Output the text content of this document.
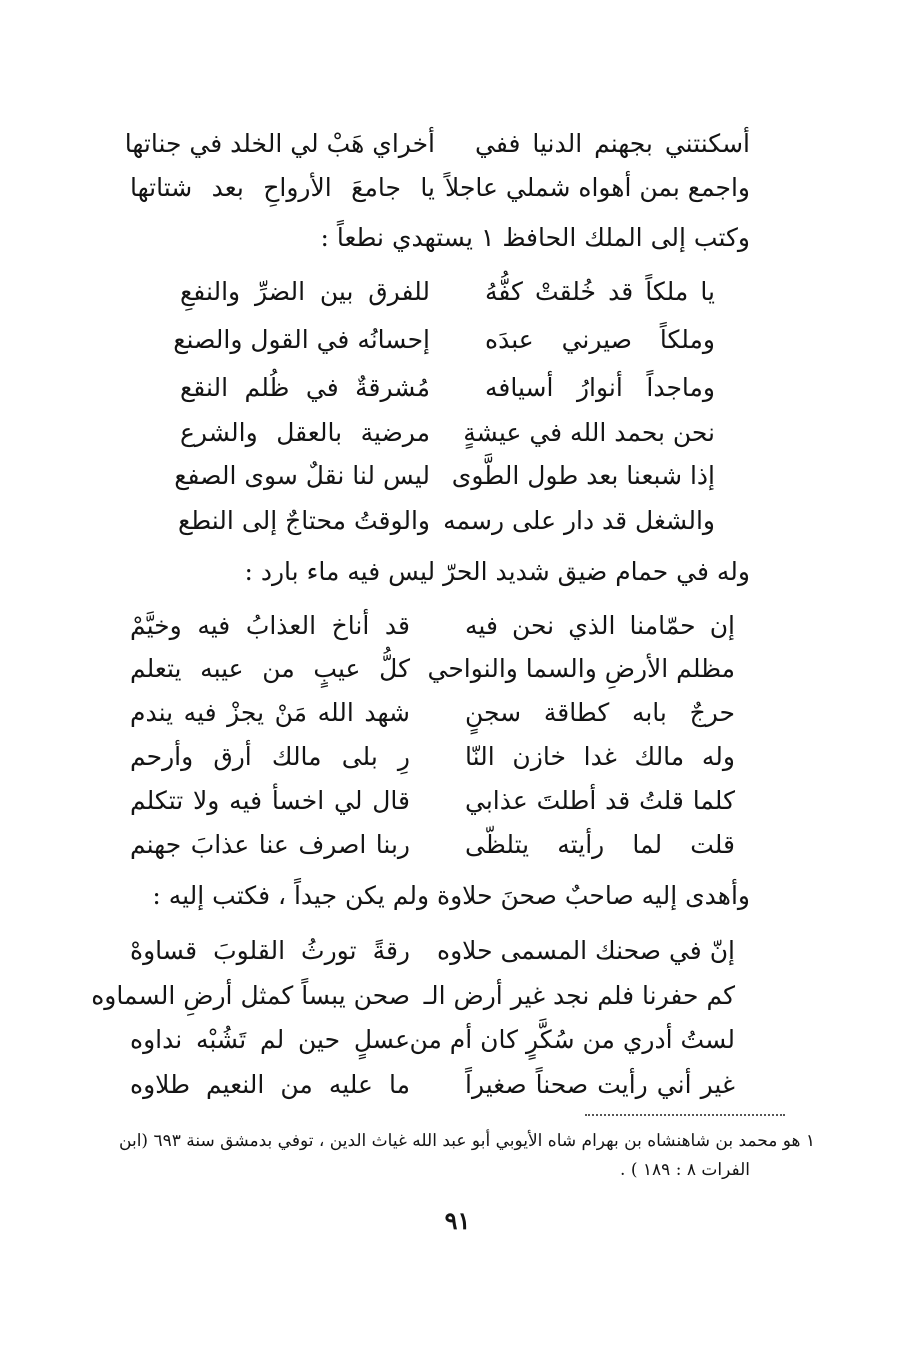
أسكنتني بجهنم الدنيا ففي
أخراي هَبْ لي الخلد في جناتها
واجمع بمن أهواه شملي عاجلاً
يا جامعَ الأرواحِ بعد شتاتها
وكتب إلى الملك الحافظ ١ يستهدي نطعاً :
يا ملكاً قد خُلقتْ كفُّهُ
للفرق بين الضرِّ والنفعِ
وملكاً صيرني عبدَه
إحسانُه في القول والصنع
وماجداً أنوارُ أسيافه
مُشرقةٌ في ظُلم النقع
نحن بحمد الله في عيشةٍ
مرضية بالعقل والشرع
إذا شبعنا بعد طول الطَّوى
ليس لنا نقلٌ سوى الصفع
والشغل قد دار على رسمه
والوقتُ محتاجٌ إلى النطع
وله في حمام ضيق شديد الحرّ ليس فيه ماء بارد :
إن حمّامنا الذي نحن فيه
قد أناخ العذابُ فيه وخيَّمْ
مظلم الأرضِ والسما والنواحي
كلُّ عيبٍ من عيبه يتعلم
حرجٌ بابه كطاقة سجنٍ
شهد الله مَنْ يجزْ فيه يندم
وله مالك غدا خازن النّا
رِ بلى مالك أرق وأرحم
كلما قلتُ قد أطلتَ عذابي
قال لي اخسأ فيه ولا تتكلم
قلت لما رأيته يتلظّى
ربنا اصرف عنا عذابَ جهنم
وأهدى إليه صاحبٌ صحنَ حلاوة ولم يكن جيداً ، فكتب إليه :
إنّ في صحنك المسمى حلاوه
رقةً تورثُ القلوبَ قساوهْ
كم حفرنا فلم نجد غير أرض الـ
صحن يبساً كمثل أرضِ السماوه
لستُ أدري من سُكَّرٍ كان أم من
عسلٍ حين لم تَشُبْه نداوه
غير أني رأيت صحناً صغيراً
ما عليه من النعيم طلاوه
١ هو محمد بن شاهنشاه بن بهرام شاه الأيوبي أبو عبد الله غياث الدين ، توفي بدمشق سنة ٦٩٣ (ابن
الفرات ٨ : ١٨٩ ) .
٩١
